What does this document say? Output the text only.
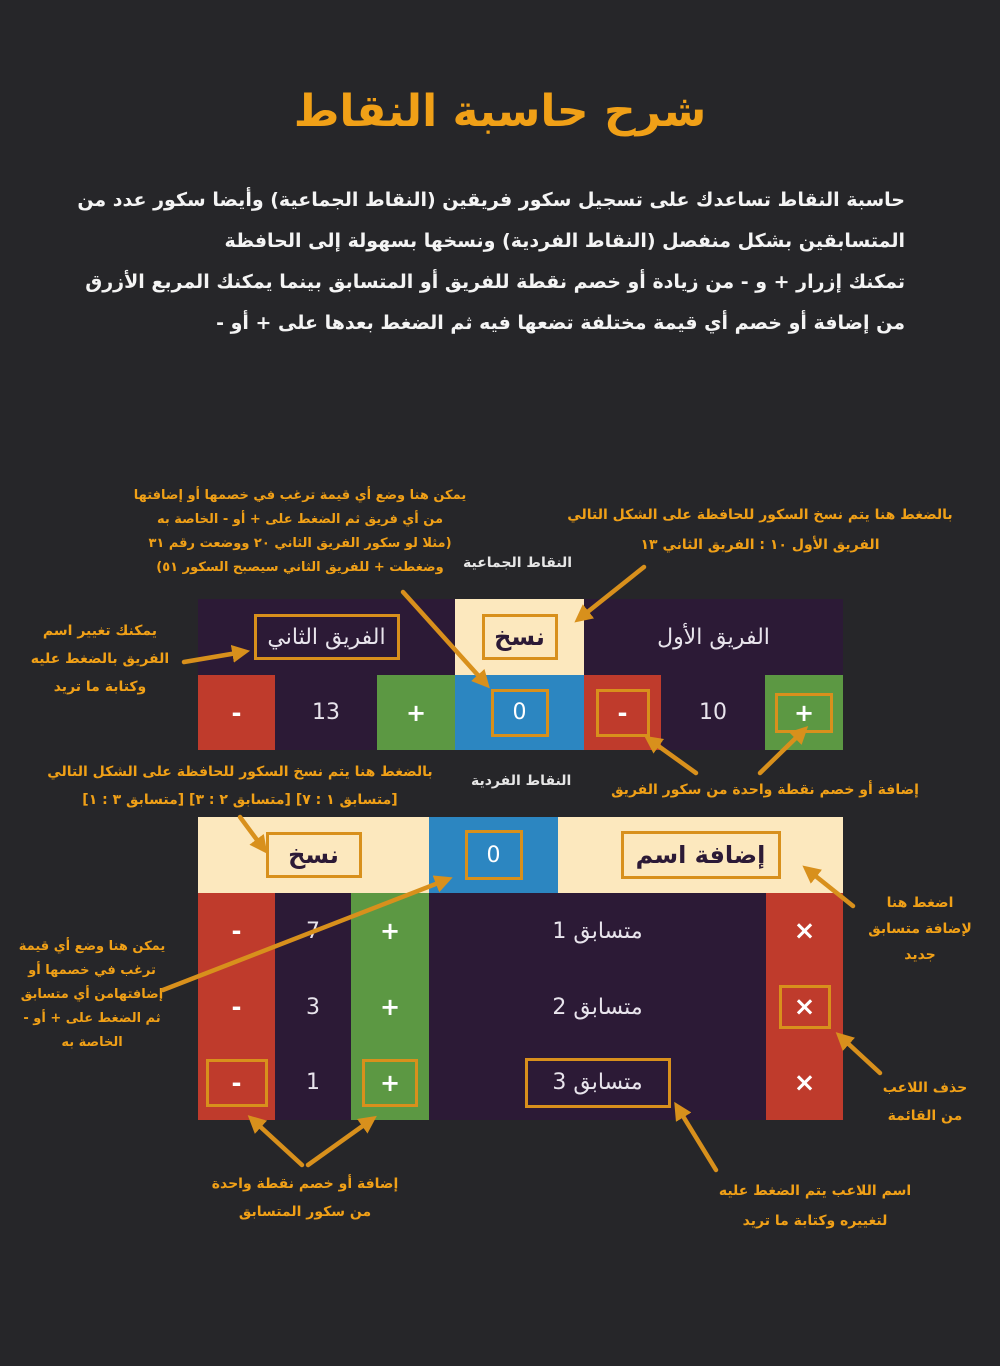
شرح حاسبة النقاط
حاسبة النقاط تساعدك على تسجيل سكور فريقين (النقاط الجماعية) وأيضا سكور عدد من
المتسابقين بشكل منفصل (النقاط الفردية) ونسخها بسهولة إلى الحافظة
تمكنك إزرار + و - من زيادة أو خصم نقطة للفريق أو المتسابق بينما يمكنك المربع الأزرق
من إضافة أو خصم أي قيمة مختلفة تضعها فيه ثم الضغط بعدها على + أو -
النقاط الجماعية
الفريق الأول
نسخ
الفريق الثاني
+
10
-
0
+
13
-
النقاط الفردية
إضافة اسم
0
نسخ
×
متسابق 1
+
7
-
×
متسابق 2
+
3
-
×
متسابق 3
+
1
-
يمكن هنا وضع أي قيمة ترغب في خصمها أو إضافتها
من أي فريق ثم الضغط على + أو - الخاصة به
(مثلا لو سكور الفريق الثاني ٢٠ ووضعت رقم ٣١
وضغطت + للفريق الثاني سيصبح السكور ٥١)
بالضغط هنا يتم نسخ السكور للحافظة على الشكل التالي
الفريق الأول ١٠ : الفريق الثاني ١٣
يمكنك تغيير اسم
الفريق بالضغط عليه
وكتابة ما تريد
إضافة أو خصم نقطة واحدة من سكور الفريق
بالضغط هنا يتم نسخ السكور للحافظة على الشكل التالي
[متسابق ١ : ٧] [متسابق ٢ : ٣] [متسابق ٣ : ١]
اضغط هنا
لإضافة متسابق
جديد
يمكن هنا وضع أي قيمة
ترغب في خصمها أو
إضافتهامن أي متسابق
ثم الضغط على + أو -
الخاصة به
حذف اللاعب
من القائمة
إضافة أو خصم نقطة واحدة
من سكور المتسابق
اسم اللاعب يتم الضغط عليه
لتغييره وكتابة ما تريد
